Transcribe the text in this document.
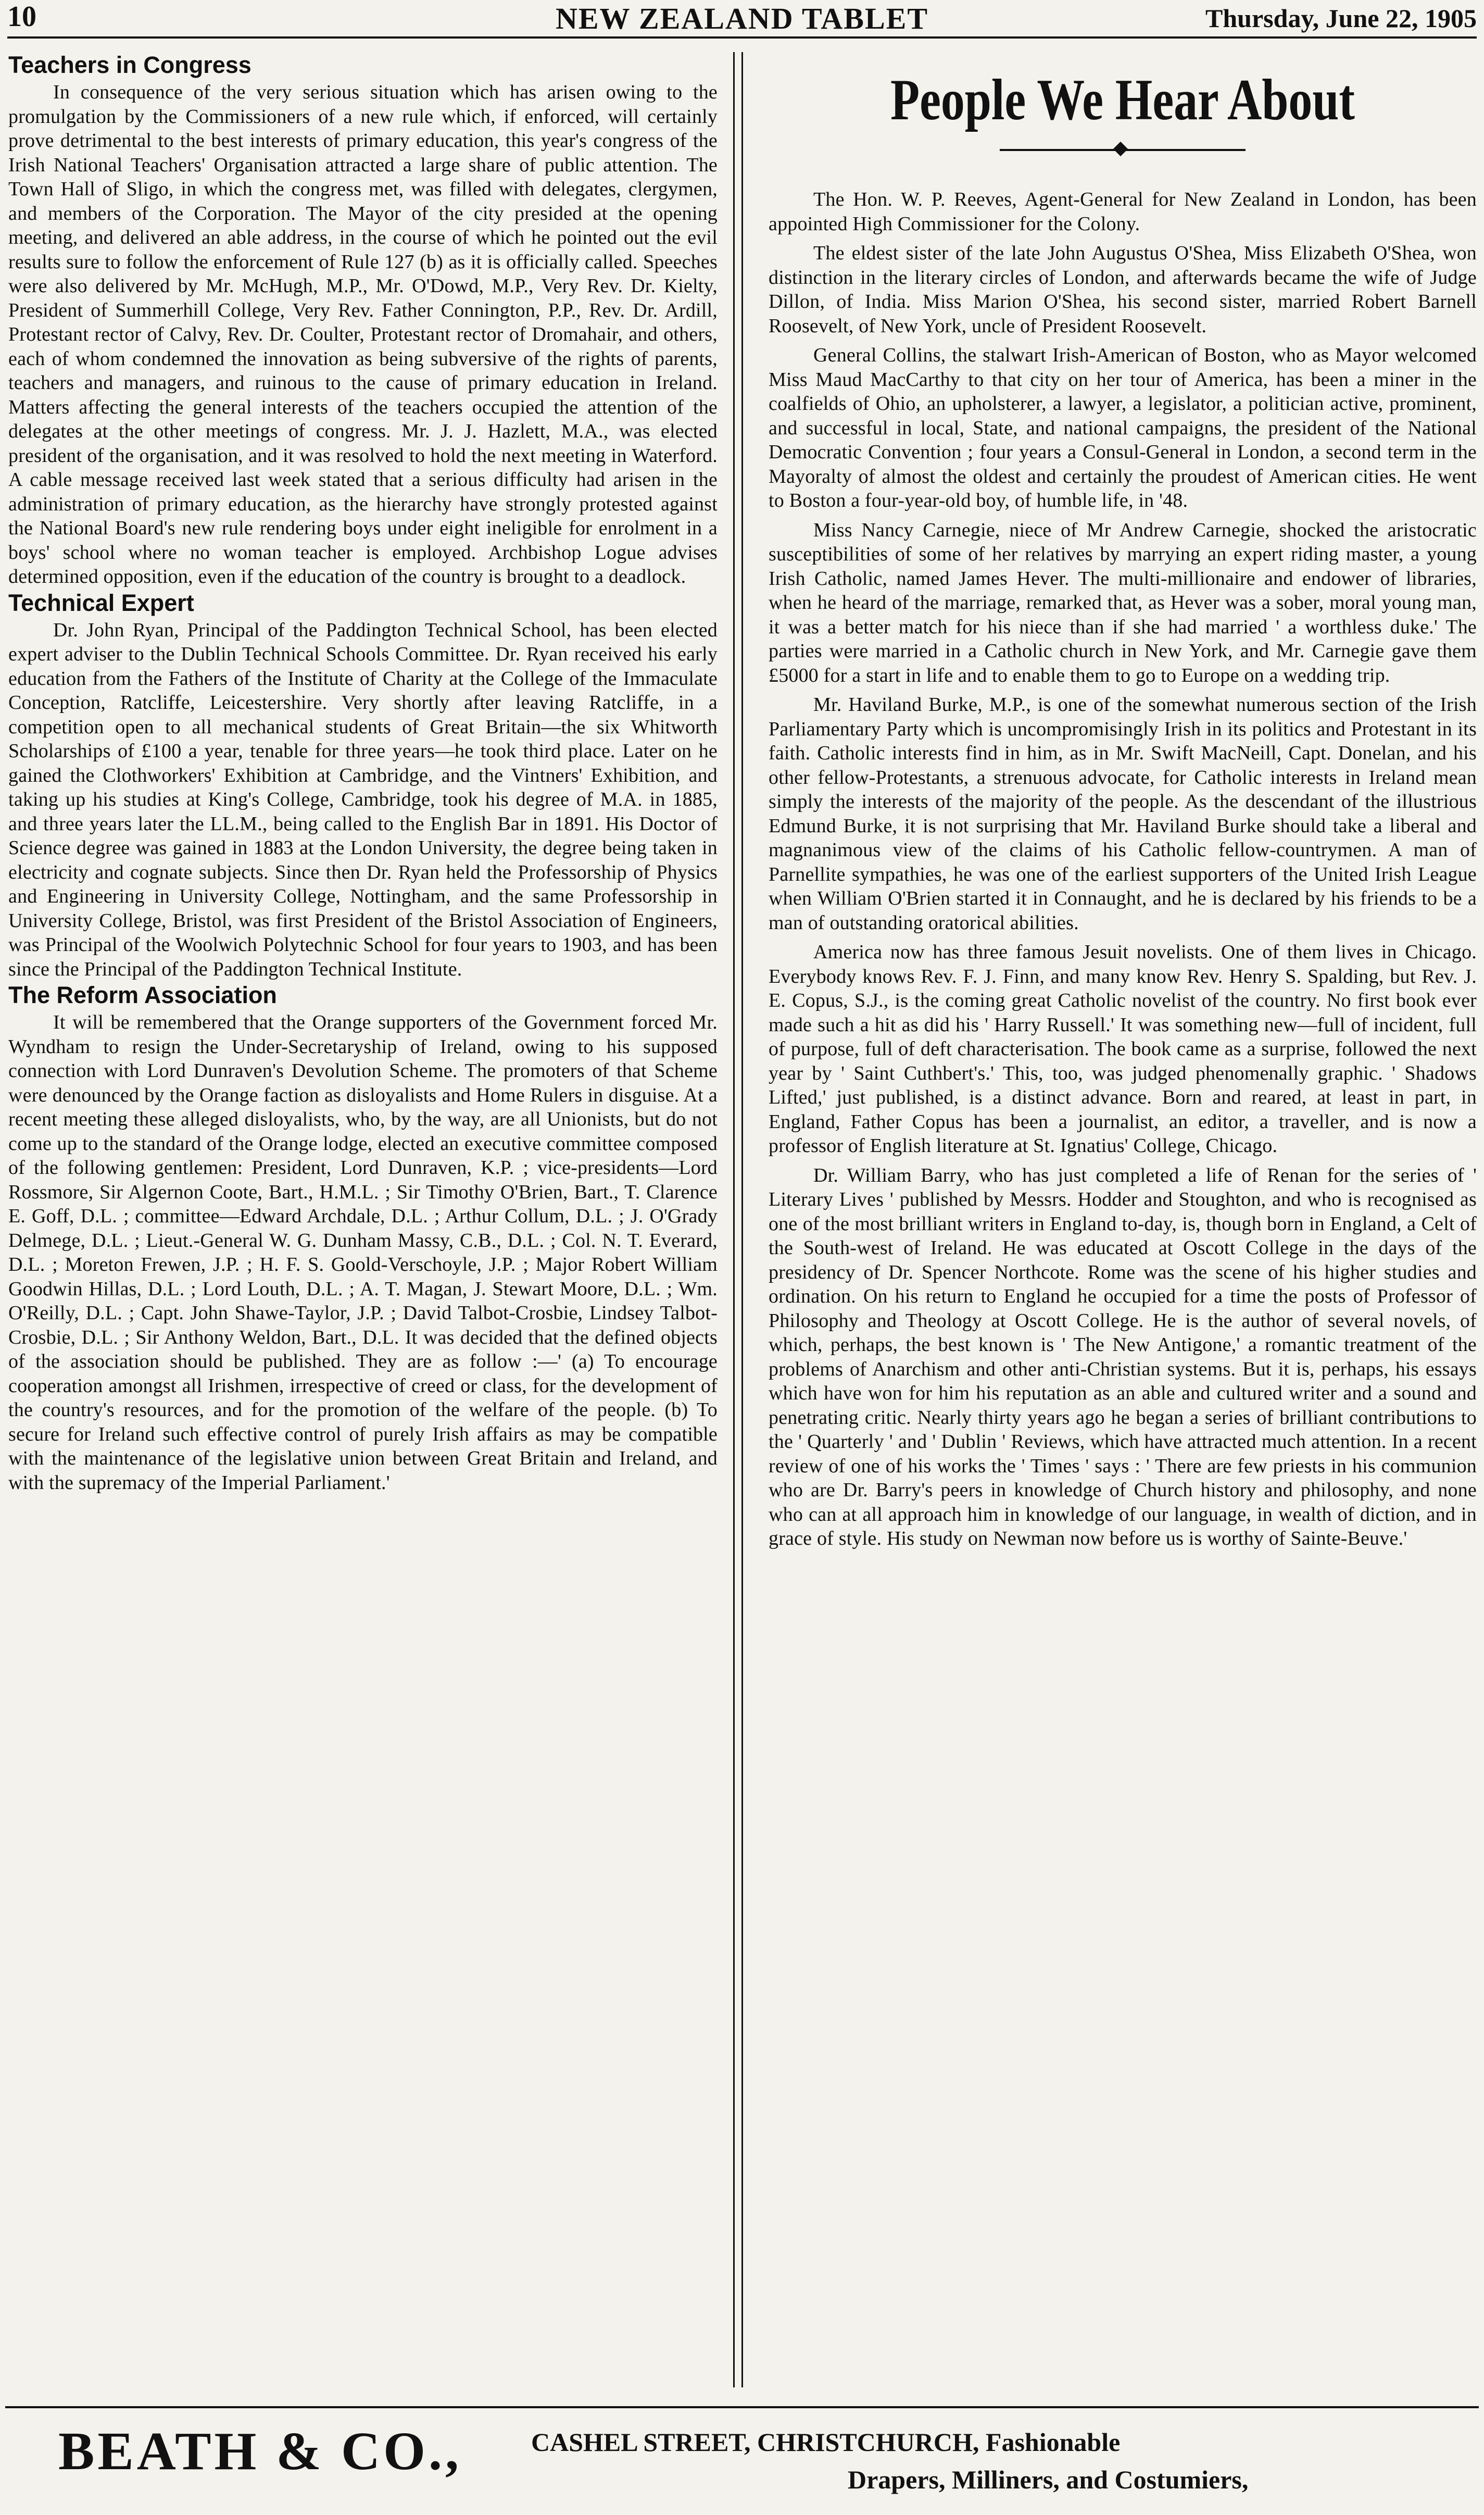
10	NEW ZEALAND TABLET	Thursday, June 22, 1905
Teachers in Congress

In consequence of the very serious situation which has arisen owing to the promulgation by the Commissioners of a new rule which, if enforced, will certainly prove detrimental to the best interests of primary education, this year's congress of the Irish National Teachers' Organisation attracted a large share of public attention. The Town Hall of Sligo, in which the congress met, was filled with delegates, clergymen, and members of the Corporation. The Mayor of the city presided at the opening meeting, and delivered an able address, in the course of which he pointed out the evil results sure to follow the enforcement of Rule 127 (b) as it is officially called. Speeches were also delivered by Mr. McHugh, M.P., Mr. O'Dowd, M.P., Very Rev. Dr. Kielty, President of Summerhill College, Very Rev. Father Connington, P.P., Rev. Dr. Ardill, Protestant rector of Calvy, Rev. Dr. Coulter, Protestant rector of Dromahair, and others, each of whom condemned the innovation as being subversive of the rights of parents, teachers and managers, and ruinous to the cause of primary education in Ireland. Matters affecting the general interests of the teachers occupied the attention of the delegates at the other meetings of congress. Mr. J. J. Hazlett, M.A., was elected president of the organisation, and it was resolved to hold the next meeting in Waterford. A cable message received last week stated that a serious difficulty had arisen in the administration of primary education, as the hierarchy have strongly protested against the National Board's new rule rendering boys under eight ineligible for enrolment in a boys' school where no woman teacher is employed. Archbishop Logue advises determined opposition, even if the education of the country is brought to a deadlock.

Technical Expert

Dr. John Ryan, Principal of the Paddington Technical School, has been elected expert adviser to the Dublin Technical Schools Committee. Dr. Ryan received his early education from the Fathers of the Institute of Charity at the College of the Immaculate Conception, Ratcliffe, Leicestershire. Very shortly after leaving Ratcliffe, in a competition open to all mechanical students of Great Britain—the six Whitworth Scholarships of £100 a year, tenable for three years—he took third place. Later on he gained the Clothworkers' Exhibition at Cambridge, and the Vintners' Exhibition, and taking up his studies at King's College, Cambridge, took his degree of M.A. in 1885, and three years later the LL.M., being called to the English Bar in 1891. His Doctor of Science degree was gained in 1883 at the London University, the degree being taken in electricity and cognate subjects. Since then Dr. Ryan held the Professorship of Physics and Engineering in University College, Nottingham, and the same Professorship in University College, Bristol, was first President of the Bristol Association of Engineers, was Principal of the Woolwich Polytechnic School for four years to 1903, and has been since the Principal of the Paddington Technical Institute.

The Reform Association

It will be remembered that the Orange supporters of the Government forced Mr. Wyndham to resign the Under-Secretaryship of Ireland, owing to his supposed connection with Lord Dunraven's Devolution Scheme. The promoters of that Scheme were denounced by the Orange faction as disloyalists and Home Rulers in disguise. At a recent meeting these alleged disloyalists, who, by the way, are all Unionists, but do not come up to the standard of the Orange lodge, elected an executive committee composed of the following gentlemen: President, Lord Dunraven, K.P. ; vice-presidents—Lord Rossmore, Sir Algernon Coote, Bart., H.M.L. ; Sir Timothy O'Brien, Bart., T. Clarence E. Goff, D.L. ; committee—Edward Archdale, D.L. ; Arthur Collum, D.L. ; J. O'Grady Delmege, D.L. ; Lieut.-General W. G. Dunham Massy, C.B., D.L. ; Col. N. T. Everard, D.L. ; Moreton Frewen, J.P. ; H. F. S. Goold-Verschoyle, J.P. ; Major Robert William Goodwin Hillas, D.L. ; Lord Louth, D.L. ; A. T. Magan, J. Stewart Moore, D.L. ; Wm. O'Reilly, D.L. ; Capt. John Shawe-Taylor, J.P. ; David Talbot-Crosbie, Lindsey Talbot-Crosbie, D.L. ; Sir Anthony Weldon, Bart., D.L. It was decided that the defined objects of the association should be published. They are as follow :—' (a) To encourage cooperation amongst all Irishmen, irrespective of creed or class, for the development of the country's resources, and for the promotion of the welfare of the people. (b) To secure for Ireland such effective control of purely Irish affairs as may be compatible with the maintenance of the legislative union between Great Britain and Ireland, and with the supremacy of the Imperial Parliament.'

People We Hear About

The Hon. W. P. Reeves, Agent-General for New Zealand in London, has been appointed High Commissioner for the Colony.

The eldest sister of the late John Augustus O'Shea, Miss Elizabeth O'Shea, won distinction in the literary circles of London, and afterwards became the wife of Judge Dillon, of India. Miss Marion O'Shea, his second sister, married Robert Barnell Roosevelt, of New York, uncle of President Roosevelt.

General Collins, the stalwart Irish-American of Boston, who as Mayor welcomed Miss Maud MacCarthy to that city on her tour of America, has been a miner in the coalfields of Ohio, an upholsterer, a lawyer, a legislator, a politician active, prominent, and successful in local, State, and national campaigns, the president of the National Democratic Convention ; four years a Consul-General in London, a second term in the Mayoralty of almost the oldest and certainly the proudest of American cities. He went to Boston a four-year-old boy, of humble life, in '48.

Miss Nancy Carnegie, niece of Mr Andrew Carnegie, shocked the aristocratic susceptibilities of some of her relatives by marrying an expert riding master, a young Irish Catholic, named James Hever. The multi-millionaire and endower of libraries, when he heard of the marriage, remarked that, as Hever was a sober, moral young man, it was a better match for his niece than if she had married ' a worthless duke.' The parties were married in a Catholic church in New York, and Mr. Carnegie gave them £5000 for a start in life and to enable them to go to Europe on a wedding trip.

Mr. Haviland Burke, M.P., is one of the somewhat numerous section of the Irish Parliamentary Party which is uncompromisingly Irish in its politics and Protestant in its faith. Catholic interests find in him, as in Mr. Swift MacNeill, Capt. Donelan, and his other fellow-Protestants, a strenuous advocate, for Catholic interests in Ireland mean simply the interests of the majority of the people. As the descendant of the illustrious Edmund Burke, it is not surprising that Mr. Haviland Burke should take a liberal and magnanimous view of the claims of his Catholic fellow-countrymen. A man of Parnellite sympathies, he was one of the earliest supporters of the United Irish League when William O'Brien started it in Connaught, and he is declared by his friends to be a man of outstanding oratorical abilities.

America now has three famous Jesuit novelists. One of them lives in Chicago. Everybody knows Rev. F. J. Finn, and many know Rev. Henry S. Spalding, but Rev. J. E. Copus, S.J., is the coming great Catholic novelist of the country. No first book ever made such a hit as did his ' Harry Russell.' It was something new—full of incident, full of purpose, full of deft characterisation. The book came as a surprise, followed the next year by ' Saint Cuthbert's.' This, too, was judged phenomenally graphic. ' Shadows Lifted,' just published, is a distinct advance. Born and reared, at least in part, in England, Father Copus has been a journalist, an editor, a traveller, and is now a professor of English literature at St. Ignatius' College, Chicago.

Dr. William Barry, who has just completed a life of Renan for the series of ' Literary Lives ' published by Messrs. Hodder and Stoughton, and who is recognised as one of the most brilliant writers in England to-day, is, though born in England, a Celt of the South-west of Ireland. He was educated at Oscott College in the days of the presidency of Dr. Spencer Northcote. Rome was the scene of his higher studies and ordination. On his return to England he occupied for a time the posts of Professor of Philosophy and Theology at Oscott College. He is the author of several novels, of which, perhaps, the best known is ' The New Antigone,' a romantic treatment of the problems of Anarchism and other anti-Christian systems. But it is, perhaps, his essays which have won for him his reputation as an able and cultured writer and a sound and penetrating critic. Nearly thirty years ago he began a series of brilliant contributions to the ' Quarterly ' and ' Dublin ' Reviews, which have attracted much attention. In a recent review of one of his works the ' Times ' says : ' There are few priests in his communion who are Dr. Barry's peers in knowledge of Church history and philosophy, and none who can at all approach him in knowledge of our language, in wealth of diction, and in grace of style. His study on Newman now before us is worthy of Sainte-Beuve.'

BEATH & CO.,	CASHEL STREET, CHRISTCHURCH, Fashionable
Drapers, Milliners, and Costumiers,
